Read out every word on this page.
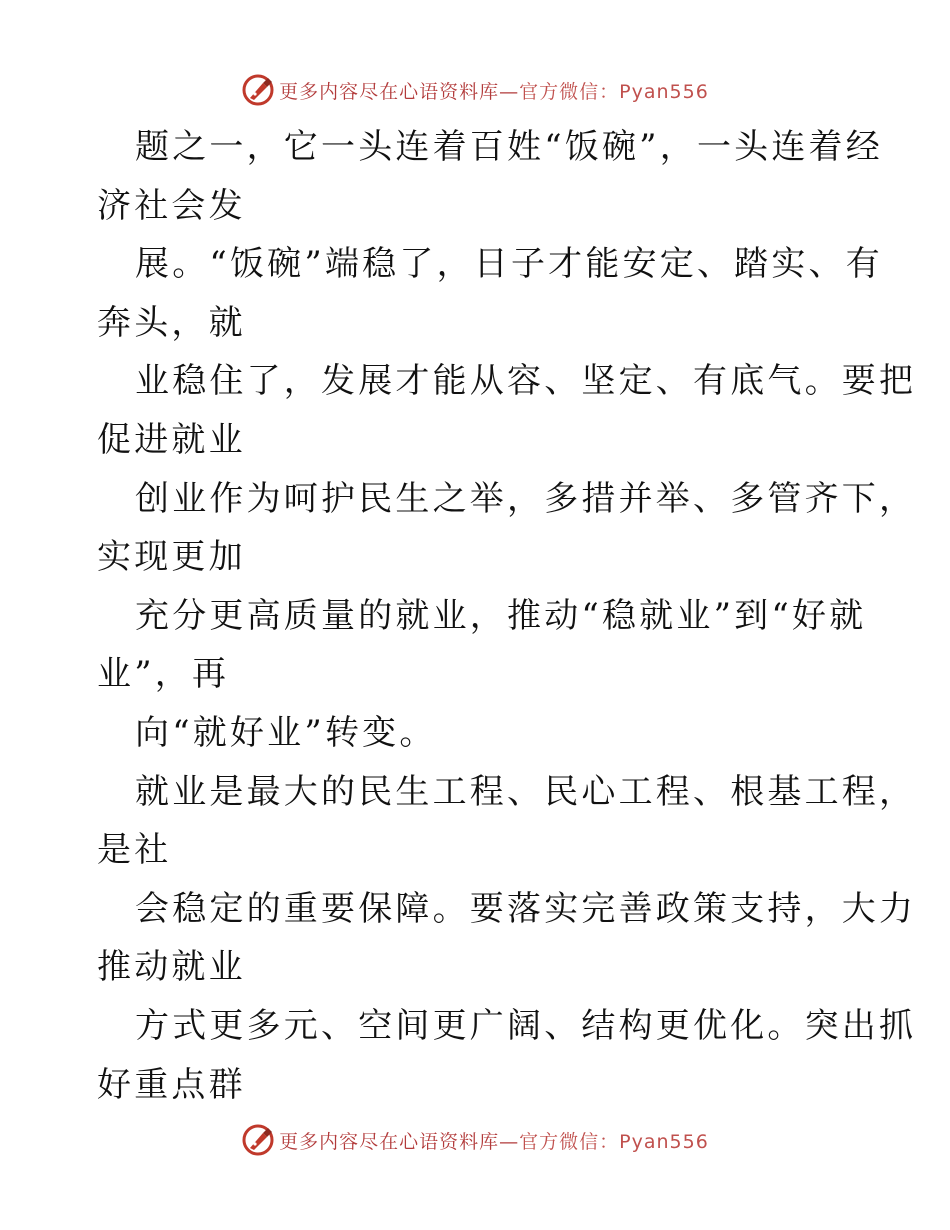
更多内容尽在心语资料库—官方微信：Pyan556
题之一，它一头连着百姓“饭碗”，一头连着经
济社会发
展。“饭碗”端稳了，日子才能安定、踏实、有
奔头，就
业稳住了，发展才能从容、坚定、有底气。要把
促进就业
创业作为呵护民生之举，多措并举、多管齐下，
实现更加
充分更高质量的就业，推动“稳就业”到“好就
业”，再
向“就好业”转变。
就业是最大的民生工程、民心工程、根基工程，
是社
会稳定的重要保障。要落实完善政策支持，大力
推动就业
方式更多元、空间更广阔、结构更优化。突出抓
好重点群
更多内容尽在心语资料库—官方微信：Pyan556
